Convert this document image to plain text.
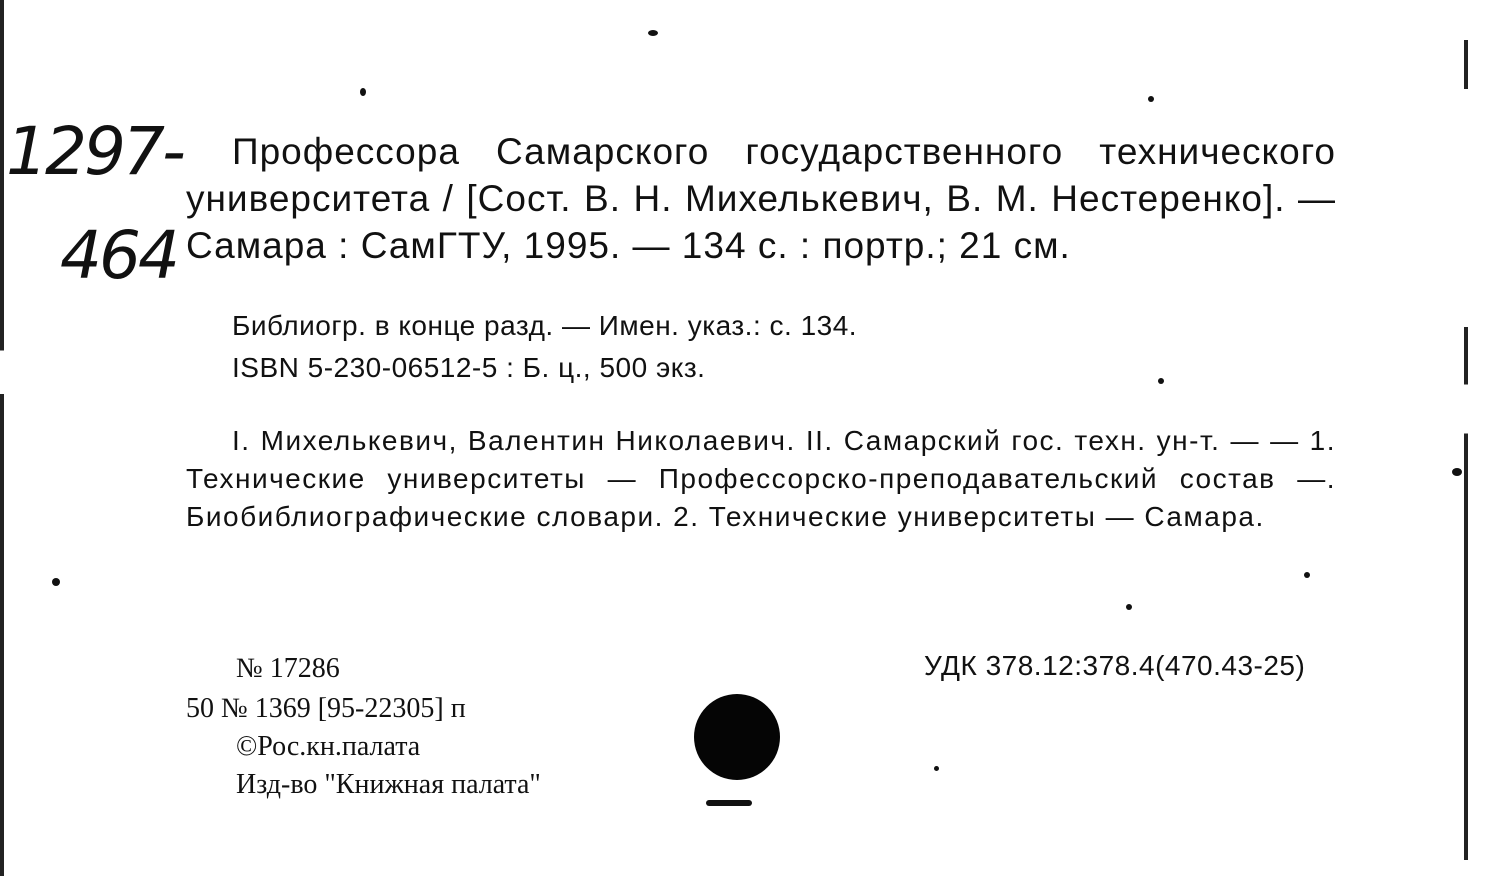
1297-
464
Профессора Самарского государственного технического университета / [Сост. В. Н. Михелькевич, В. М. Нестеренко]. — Самара : СамГТУ, 1995. — 134 с. : портр.; 21 см.
Библиогр. в конце разд. — Имен. указ.: с. 134.
ISBN 5-230-06512-5 : Б. ц., 500 экз.
I. Михелькевич, Валентин Николаевич. II. Самарский гос. техн. ун-т. — — 1. Технические университеты — Профессорско-преподавательский состав —. Биобиблиографические словари. 2. Технические университеты — Самара.
№ 17286
50 № 1369 [95-22305] п
©Рос.кн.палата
Изд-во "Книжная палата"
УДК 378.12:378.4(470.43-25)
